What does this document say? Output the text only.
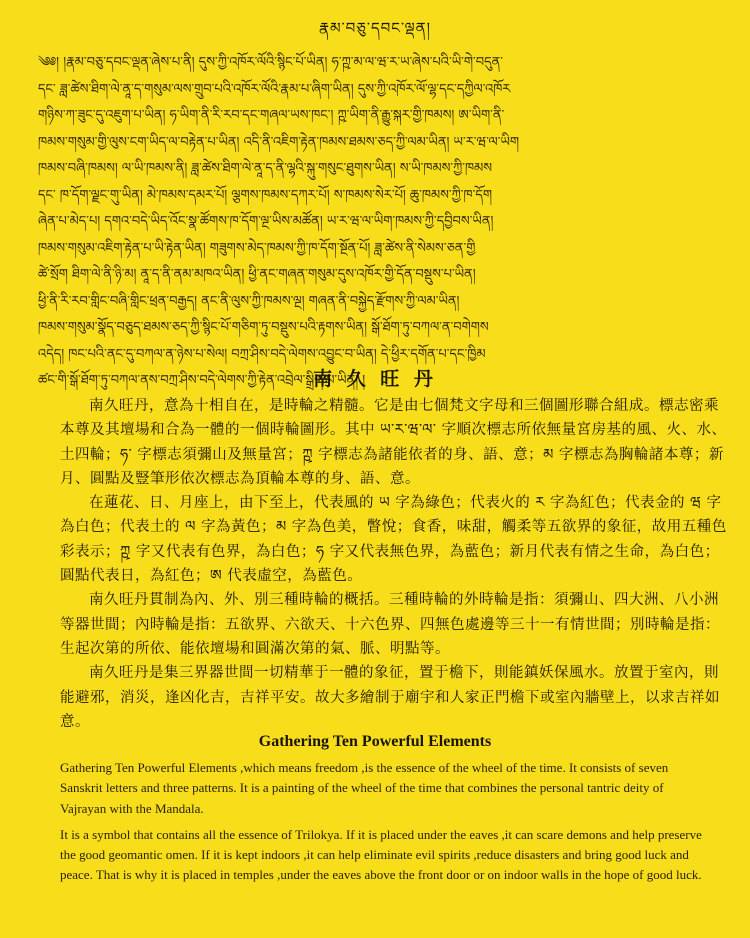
རྣམ་བཅུ་དབང་ལྡན།
༄༅། །རྣམ་བཅུ་དབང་ལྡན་ཞེས་པ་ནི། དུས་ཀྱི་འཁོར་ལོའི་སྙིང་པོ་ཡིན། ཧ་ཀྵ་མ་ལ་ཝ་ར་ཡ་ཞེས་པའི་ཡི་གེ་བདུན་
དང་ ཟླ་ཚེས་ཐིག་ལེ་ནཱ་ད་གསུམ་ལས་གྲུབ་པའི་འཁོར་ལོའི་རྣམ་པ་ཞིག་ཡིན། དུས་ཀྱི་འཁོར་ལོ་ལྷ་དང་དཀྱིལ་འཁོར
གཉིས་ཀ་ཟུང་དུ་འཇུག་པ་ཡིན། ཧ་ཡིག་ནི་རི་རབ་དང་གཞལ་ཡས་ཁང་། ཀྵ་ཡིག་ནི་རྒྱུ་སྐར་གྱི་ཁམས། ཨ་ཡིག་ནི་
ཁམས་གསུམ་གྱི་ལུས་ངག་ཡིད་ལ་བརྟེན་པ་ཡིན། འདི་ནི་འཇིག་རྟེན་ཁམས་ཐམས་ཅད་ཀྱི་ལམ་ཡིན། ཡ་ར་ཝ་ལ་ཡིག
ཁམས་བཞི་ཁམས། ལ་ཡི་ཁམས་ནི། ཟླ་ཚེས་ཐིག་ལེ་ནཱ་ད་ནི་ལྷའི་སྐུ་གསུང་ཐུགས་ཡིན། ས་ཡི་ཁམས་ཀྱི་ཁམས
དང་ ཁ་དོག་ལྗང་གུ་ཡིན། མེ་ཁམས་དམར་པོ། ལྕགས་ཁམས་དཀར་པོ། ས་ཁམས་སེར་པོ། ཆུ་ཁམས་ཀྱི་ཁ་དོག
ཞེན་པ་མེད་པ། དགའ་བདེ་ཡིད་འོང་སྣ་ཚོགས་ཁ་དོག་ལྔ་ཡིས་མཚོན། ཡ་ར་ཝ་ལ་ཡིག་ཁམས་ཀྱི་དབྱིབས་ཡིན།
ཁམས་གསུམ་འཇིག་རྟེན་པ་ཡི་རྟེན་ཡིན། གཟུགས་མེད་ཁམས་ཀྱི་ཁ་དོག་སྔོན་པོ། ཟླ་ཚེས་ནི་སེམས་ཅན་གྱི
ཚེ་སྲོག ཐིག་ལེ་ནི་ཉི་མ། ནཱ་ད་ནི་ནམ་མཁའ་ཡིན། ཕྱི་ནང་གཞན་གསུམ་དུས་འཁོར་གྱི་དོན་བསྡུས་པ་ཡིན།
ཕྱི་ནི་རི་རབ་གླིང་བཞི་གླིང་ཕྲན་བརྒྱད། ནང་ནི་ལུས་ཀྱི་ཁམས་ལྔ། གཞན་ནི་བསྐྱེད་རྫོགས་ཀྱི་ལམ་ཡིན།
ཁམས་གསུམ་སྣོད་བཅུད་ཐམས་ཅད་ཀྱི་སྙིང་པོ་གཅིག་ཏུ་བསྡུས་པའི་རྟགས་ཡིན། སྒོ་ཐོག་ཏུ་བཀལ་ན་བགེགས
འདེད། ཁང་པའི་ནང་དུ་བཀལ་ན་ཉེས་པ་སེལ། བཀྲ་ཤིས་བདེ་ལེགས་འབྱུང་བ་ཡིན། དེ་ཕྱིར་དགོན་པ་དང་ཁྱིམ
ཚང་གི་སྒོ་ཐོག་ཏུ་བཀལ་ནས་བཀྲ་ཤིས་བདེ་ལེགས་ཀྱི་རྟེན་འབྲེལ་སྒྲིག་པ་ཡིན། །
南 久 旺 丹

南久旺丹，意為十相自在，是時輪之精髓。它是由七個梵文字母和三個圖形聯合組成。標志密乘本尊及其壇場和合為一體的一個時輪圖形。其中 ཡ་ར་ཝ་ལ་ 字順次標志所依無量宮房基的風、火、水、土四輪；ཧ་ 字標志須彌山及無量宮；ཀྵ 字標志為諸能依者的身、語、意；མ 字標志為胸輪諸本尊；新月、圓點及豎筆形依次標志為頂輪本尊的身、語、意。

在蓮花、日、月座上，由下至上，代表風的 ཡ 字為綠色；代表火的 ར 字為紅色；代表金的 ཝ 字為白色；代表土的 ལ 字為黃色；མ 字為色美，瞥悅；食香，味甜，觸柔等五欲界的象征，故用五種色彩表示；ཀྵ 字又代表有色界，為白色；ཧ 字又代表無色界，為藍色；新月代表有情之生命，為白色；圓點代表日，為紅色；ཨ 代表虛空，為藍色。

南久旺丹貫制為內、外、別三種時輪的概括。三種時輪的外時輪是指：須彌山、四大洲、八小洲等器世間；內時輪是指：五欲界、六欲天、十六色界、四無色處邊等三十一有情世間；別時輪是指：生起次第的所依、能依壇場和圓滿次第的氣、脈、明點等。

南久旺丹是集三界器世間一切精華于一體的象征，置于檐下，則能鎮妖保風水。放置于室內，則能避邪，消災，逢凶化吉，吉祥平安。故大多繪制于廟宇和人家正門檐下或室內牆壁上，以求吉祥如意。

Gathering Ten Powerful Elements

Gathering Ten Powerful Elements ,which means freedom ,is the essence of the wheel of the time. It consists of seven Sanskrit letters and three patterns. It is a painting of the wheel of the time that combines the personal tantric deity of Vajrayan with the Mandala.

It is a symbol that contains all the essence of Trilokya. If it is placed under the eaves ,it can scare demons and help preserve the good geomantic omen. If it is kept indoors ,it can help eliminate evil spirits ,reduce disasters and bring good luck and peace. That is why it is placed in temples ,under the eaves above the front door or on indoor walls in the hope of good luck.
